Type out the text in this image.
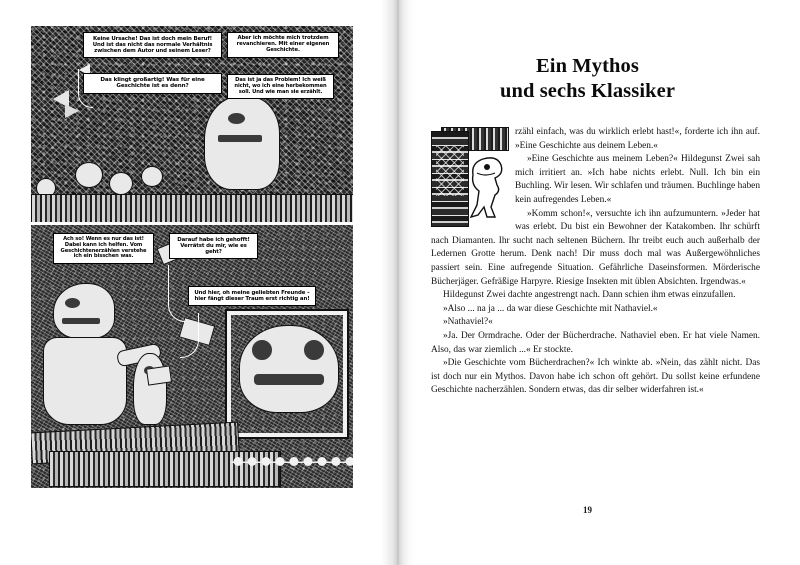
Keine Ursache! Das ist doch mein Beruf! Und ist das nicht das normale Verhältnis zwischen dem Autor und seinem Leser?
Das klingt großartig! Was für eine Geschichte ist es denn?
Aber ich möchte mich trotzdem revanchieren. Mit einer eigenen Geschichte.
Das ist ja das Problem! Ich weiß nicht, wo ich eine herbekommen soll. Und wie man sie erzählt.
Ach so! Wenn es nur das ist! Dabei kann ich helfen. Vom Geschichtenerzählen verstehe ich ein bisschen was.
Darauf habe ich gehofft! Verrätst du mir, wie es geht?
Und hier, oh meine geliebten Freunde – hier fängt dieser Traum erst richtig an!
Ein Mythos
und sechs Klassiker

rzähl einfach, was du wirklich erlebt hast!«, forderte ich ihn auf. »Eine Geschichte aus deinem Leben.«

»Eine Geschichte aus meinem Leben?« Hildegunst Zwei sah mich irritiert an. »Ich habe nichts erlebt. Null. Ich bin ein Buchling. Wir lesen. Wir schlafen und träumen. Buchlinge haben kein aufregendes Leben.«

»Komm schon!«, versuchte ich ihn aufzumuntern. »Jeder hat was erlebt. Du bist ein Bewohner der Katakomben. Ihr schürft nach Diamanten. Ihr sucht nach seltenen Büchern. Ihr treibt euch auch außerhalb der Ledernen Grotte herum. Denk nach! Dir muss doch mal was Außergewöhnliches passiert sein. Eine aufregende Situation. Gefährliche Daseinsformen. Mörderische Bücherjäger. Gefräßige Harpyre. Riesige Insekten mit üblen Absichten. Irgendwas.«

Hildegunst Zwei dachte angestrengt nach. Dann schien ihm etwas einzufallen.

»Also ... na ja ... da war diese Geschichte mit Nathaviel.«

»Nathaviel?«

»Ja. Der Ormdrache. Oder der Bücherdrache. Nathaviel eben. Er hat viele Namen. Also, das war ziemlich ...« Er stockte.

»Die Geschichte vom Bücherdrachen?« Ich winkte ab. »Nein, das zählt nicht. Das ist doch nur ein Mythos. Davon habe ich schon oft gehört. Du sollst keine erfundene Geschichte nacherzählen. Sondern etwas, das dir selber widerfahren ist.«

19
